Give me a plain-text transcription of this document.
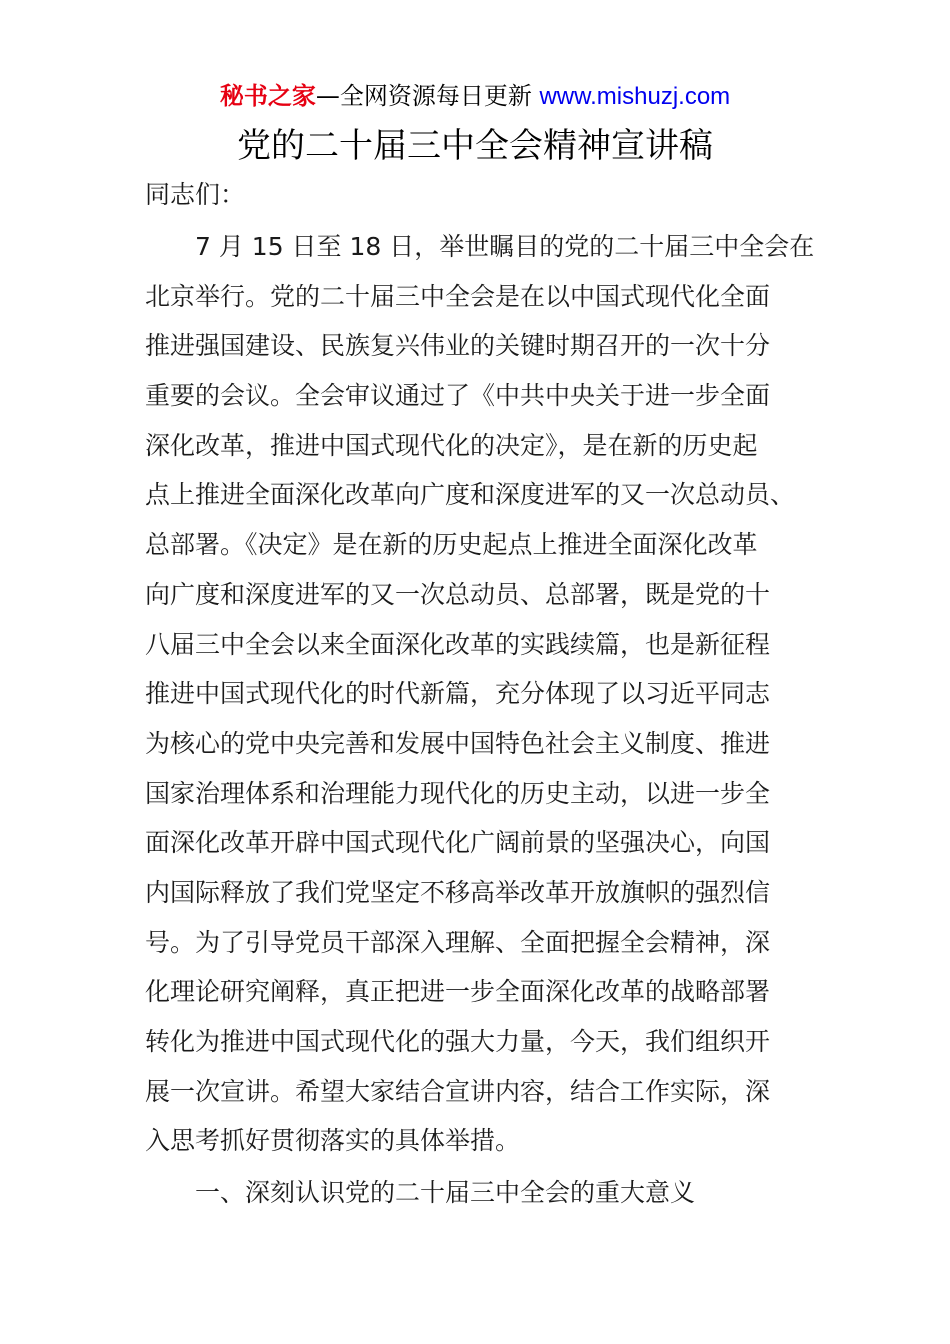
秘书之家—全网资源每日更新 www.mishuzj.com
党的二十届三中全会精神宣讲稿

同志们：

7 月 15 日至 18 日，举世瞩目的党的二十届三中全会在
北京举行。党的二十届三中全会是在以中国式现代化全面
推进强国建设、民族复兴伟业的关键时期召开的一次十分
重要的会议。全会审议通过了《中共中央关于进一步全面
深化改革，推进中国式现代化的决定》，是在新的历史起
点上推进全面深化改革向广度和深度进军的又一次总动员、
总部署。《决定》是在新的历史起点上推进全面深化改革
向广度和深度进军的又一次总动员、总部署，既是党的十
八届三中全会以来全面深化改革的实践续篇，也是新征程
推进中国式现代化的时代新篇，充分体现了以习近平同志
为核心的党中央完善和发展中国特色社会主义制度、推进
国家治理体系和治理能力现代化的历史主动，以进一步全
面深化改革开辟中国式现代化广阔前景的坚强决心，向国
内国际释放了我们党坚定不移高举改革开放旗帜的强烈信
号。为了引导党员干部深入理解、全面把握全会精神，深
化理论研究阐释，真正把进一步全面深化改革的战略部署
转化为推进中国式现代化的强大力量，今天，我们组织开
展一次宣讲。希望大家结合宣讲内容，结合工作实际，深
入思考抓好贯彻落实的具体举措。

一、深刻认识党的二十届三中全会的重大意义
